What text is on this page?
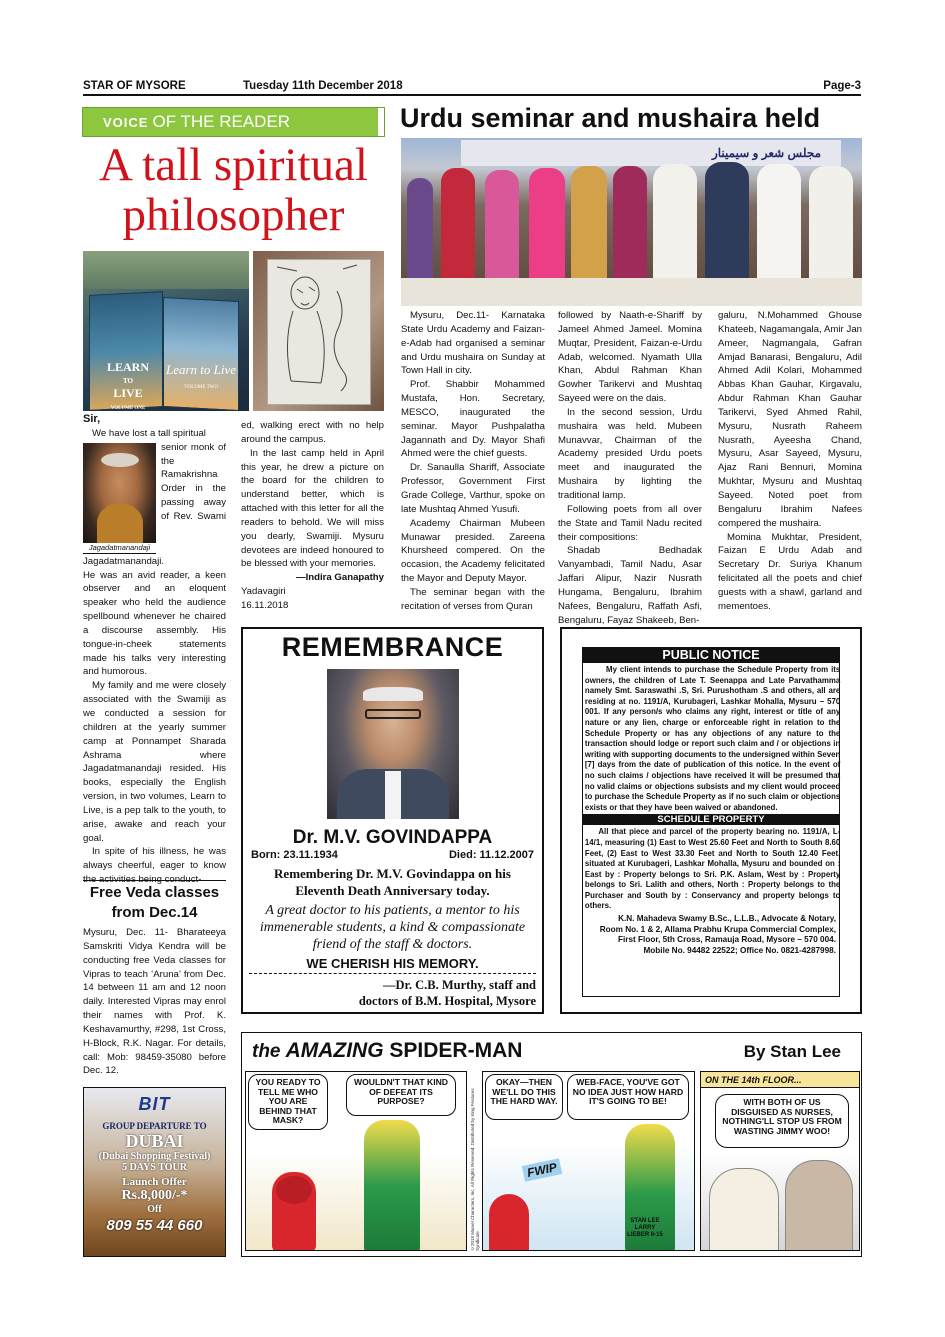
STAR OF MYSORE	Tuesday 11th December 2018	Page-3
VOICE OF THE READER
A tall spiritual
philosopher
LEARN
TO
LIVE
VOLUME ONE
Learn to Live
VOLUME TWO
Sir,

We have lost a tall spiritual

Jagadatmanandaji

senior monk of the Ramakrishna Order in the passing away of Rev. Swami Jagadatmanandaji.

He was an avid reader, a keen observer and an eloquent speaker who held the audience spellbound whenever he chaired a discourse assembly. His tongue-in-cheek statements made his talks very interesting and humorous.

My family and me were closely associated with the Swamiji as we conducted a session for children at the yearly summer camp at Ponnampet Sharada Ashrama where Jagadatmanandaji resided. His books, especially the English version, in two volumes, Learn to Live, is a pep talk to the youth, to arise, awake and reach your goal.

In spite of his illness, he was always cheerful, eager to know the activities being conduct-

ed, walking erect with no help around the campus.

In the last camp held in April this year, he drew a picture on the board for the children to understand better, which is attached with this letter for all the readers to behold. We will miss you dearly, Swamiji. Mysuru devotees are indeed honoured to be blessed with your memories.

—Indira Ganapathy
Yadavagiri
16.11.2018
Free Veda classes
from Dec.14
Mysuru, Dec. 11- Bharateeya Samskriti Vidya Kendra will be conducting free Veda classes for Vipras to teach ‘Aruna’ from Dec. 14 between 11 am and 12 noon daily. Interested Vipras may enrol their names with Prof. K. Keshavamurthy, #298, 1st Cross, H-Block, R.K. Nagar. For details, call: Mob: 98459-35080 before Dec. 12.
BIT
GROUP DEPARTURE TO
DUBAI
(Dubai Shopping Festival)
5 DAYS TOUR
Launch Offer
Rs.8,000/-*
Off
809 55 44 660
Urdu seminar and mushaira held
مجلس شعر و سیمینار

Mysuru, Dec.11- Karnataka State Urdu Academy and Faizan-e-Adab had organised a seminar and Urdu mushaira on Sunday at Town Hall in city.

Prof. Shabbir Mohammed Mustafa, Hon. Secretary, MESCO, inaugurated the seminar. Mayor Pushpalatha Jagannath and Dy. Mayor Shafi Ahmed were the chief guests.

Dr. Sanaulla Shariff, Associate Professor, Government First Grade College, Varthur, spoke on late Mushtaq Ahmed Yusufi.

Academy Chairman Mubeen Munawar presided. Zareena Khursheed compered. On the occasion, the Academy felicitated the Mayor and Deputy Mayor.

The seminar began with the recitation of verses from Quran

followed by Naath-e-Shariff by Jameel Ahmed Jameel. Momina Muqtar, President, Faizan-e-Urdu Adab, welcomed. Nyamath Ulla Khan, Abdul Rahman Khan Gowher Tarikervi and Mushtaq Sayeed were on the dais.

In the second session, Urdu mushaira was held. Mubeen Munavvar, Chairman of the Academy presided Urdu poets meet and inaugurated the Mushaira by lighting the traditional lamp.

Following poets from all over the State and Tamil Nadu recited their compositions:

Shadab Bedhadak Vanyambadi, Tamil Nadu, Asar Jaffari Alipur, Nazir Nusrath Hungama, Bengaluru, Ibrahim Nafees, Bengaluru, Raffath Asfi, Bengaluru, Fayaz Shakeeb, Ben-

galuru, N.Mohammed Ghouse Khateeb, Nagamangala, Amir Jan Ameer, Nagmangala, Gafran Amjad Banarasi, Bengaluru, Adil Ahmed Adil Kolari, Mohammed Abbas Khan Gauhar, Kirgavalu, Abdur Rahman Khan Gauhar Tarikervi, Syed Ahmed Rahil, Mysuru, Nusrath Raheem Nusrath, Ayeesha Chand, Mysuru, Asar Sayeed, Mysuru, Ajaz Rani Bennuri, Momina Mukhtar, Mysuru and Mushtaq Sayeed. Noted poet from Bengaluru Ibrahim Nafees compered the mushaira.

Momina Mukhtar, President, Faizan E Urdu Adab and Secretary Dr. Suriya Khanum felicitated all the poets and chief guests with a shawl, garland and mementoes.

REMEMBRANCE
Dr. M.V. GOVINDAPPA
Born: 23.11.1934	Died: 11.12.2007
Remembering Dr. M.V. Govindappa on his
Eleventh Death Anniversary today.
A great doctor to his patients, a mentor to his immenerable students, a kind & compassionate friend of the staff & doctors.
WE CHERISH HIS MEMORY.
—Dr. C.B. Murthy, staff and
doctors of B.M. Hospital, Mysore
PUBLIC NOTICE
My client intends to purchase the Schedule Property from its owners, the children of Late T. Seenappa and Late Parvathamma namely Smt. Saraswathi .S, Sri. Purushotham .S and others, all are residing at no. 1191/A, Kurubageri, Lashkar Mohalla, Mysuru – 570 001. If any person/s who claims any right, interest or title of any nature or any lien, charge or enforceable right in relation to the Schedule Property or has any objections of any nature to the transaction should lodge or report such claim and / or objections in writing with supporting documents to the undersigned within Seven [7] days from the date of publication of this notice. In the event of no such claims / objections have received it will be presumed that no valid claims or objections subsists and my client would proceed to purchase the Schedule Property as if no such claim or objections exists or that they have been waived or abandoned.
SCHEDULE PROPERTY
All that piece and parcel of the property bearing no. 1191/A, L-14/1, measuring (1) East to West 25.60 Feet and North to South 8.60 Feet, (2) East to West 33.30 Feet and North to South 12.40 Feet, situated at Kurubageri, Lashkar Mohalla, Mysuru and bounded on : East by : Property belongs to Sri. P.K. Aslam, West by : Property belongs to Sri. Lalith and others, North : Property belongs to the Purchaser and South by : Conservancy and property belongs to others.
K.N. Mahadeva Swamy B.Sc., L.L.B., Advocate & Notary,
Room No. 1 & 2, Allama Prabhu Krupa Commercial Complex,
First Floor, 5th Cross, Ramauja Road, Mysore – 570 004.
Mobile No. 94482 22522; Office No. 0821-4287998.
the AMAZING SPIDER-MAN	By Stan Lee
YOU READY TO TELL ME WHO YOU ARE BEHIND THAT MASK?
WOULDN'T THAT KIND OF DEFEAT ITS PURPOSE?
OKAY—THEN WE'LL DO THIS THE HARD WAY.
WEB-FACE, YOU'VE GOT NO IDEA JUST HOW HARD IT'S GOING TO BE!
FWIP
ON THE 14th FLOOR...
WITH BOTH OF US DISGUISED AS NURSES, NOTHING'LL STOP US FROM WASTING JIMMY WOO!
STAN LEE LARRY LIEBER 6-15
©2018 Marvel Characters, Inc. All Rights Reserved. Distributed by King Features Syndicate
